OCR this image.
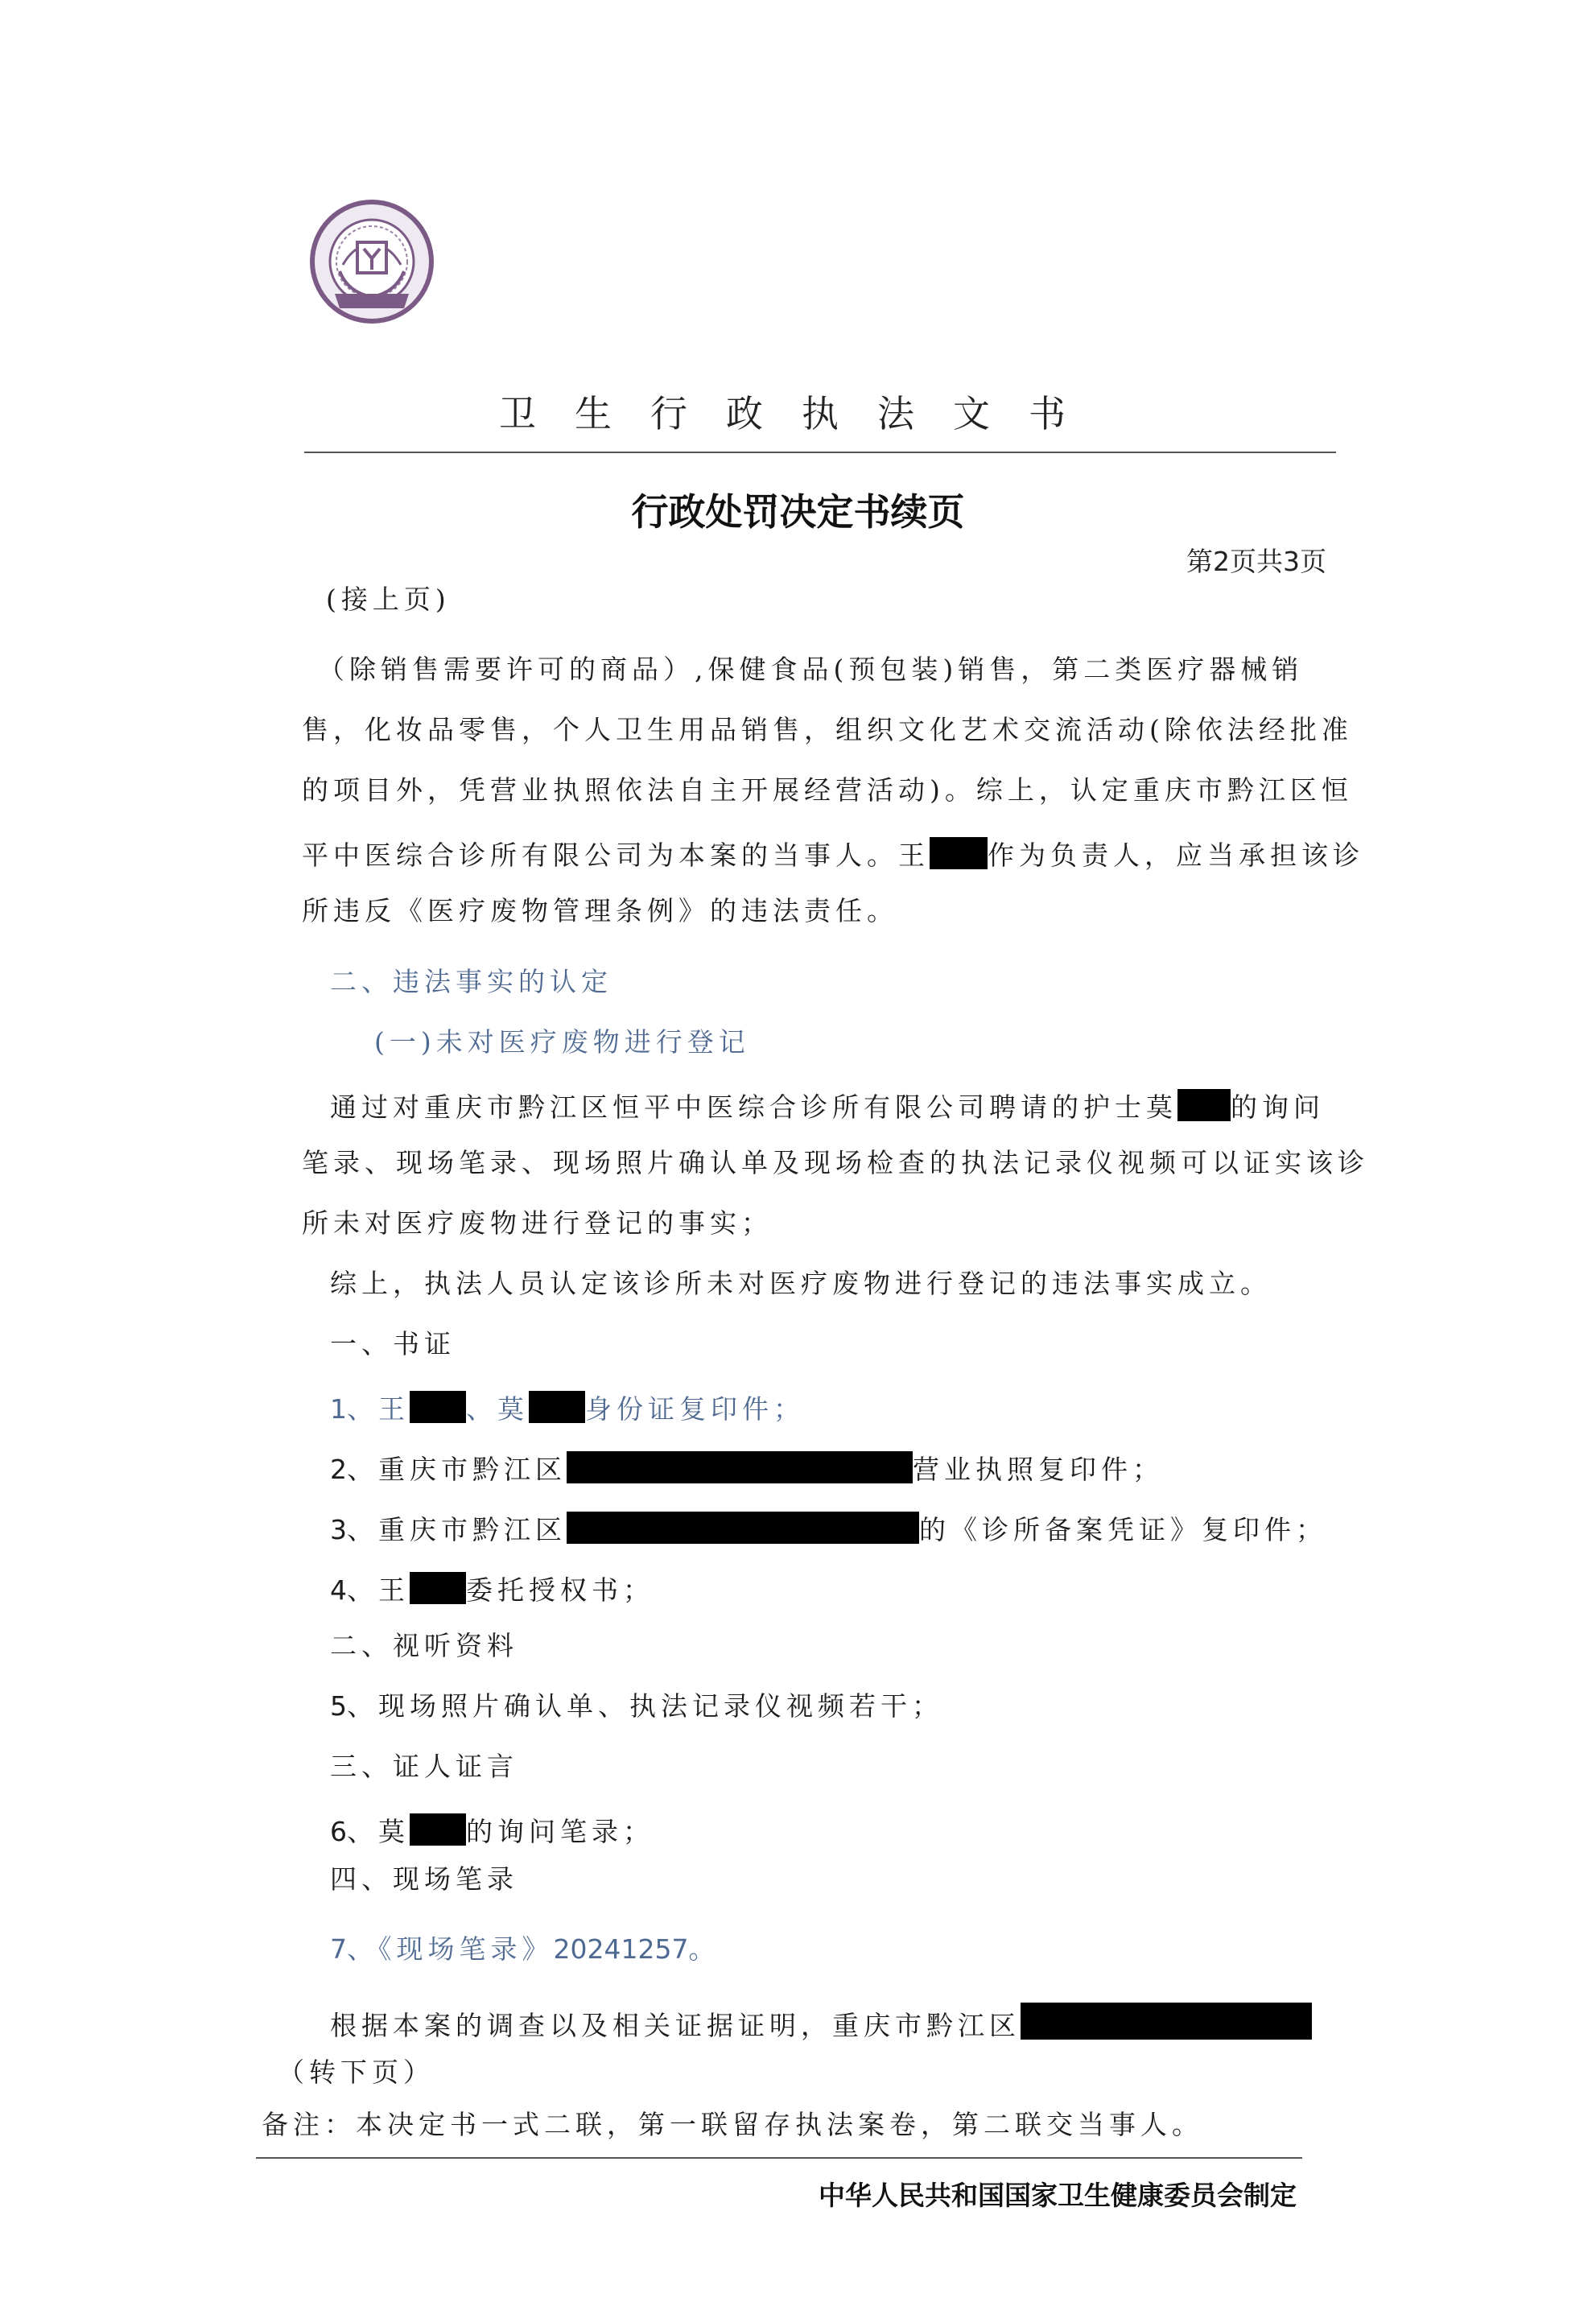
卫生行政执法文书
行政处罚决定书续页
第2页共3页
(接上页)
（除销售需要许可的商品）,保健食品(预包装)销售，第二类医疗器械销
售，化妆品零售，个人卫生用品销售，组织文化艺术交流活动(除依法经批准
的项目外，凭营业执照依法自主开展经营活动)。综上，认定重庆市黔江区恒
平中医综合诊所有限公司为本案的当事人。王 作为负责人，应当承担该诊
所违反《医疗废物管理条例》的违法责任。
二、违法事实的认定
(一)未对医疗废物进行登记
通过对重庆市黔江区恒平中医综合诊所有限公司聘请的护士莫 的询问
笔录、现场笔录、现场照片确认单及现场检查的执法记录仪视频可以证实该诊
所未对医疗废物进行登记的事实；
综上，执法人员认定该诊所未对医疗废物进行登记的违法事实成立。
一、书证
1、王 、莫 身份证复印件；
2、重庆市黔江区	营业执照复印件；
3、重庆市黔江区	的《诊所备案凭证》复印件；
4、王 委托授权书；
二、视听资料
5、现场照片确认单、执法记录仪视频若干；
三、证人证言
6、莫 的询问笔录；
四、现场笔录
7、《现场笔录》20241257。
根据本案的调查以及相关证据证明，重庆市黔江区
（转下页）
备注：本决定书一式二联，第一联留存执法案卷，第二联交当事人。
中华人民共和国国家卫生健康委员会制定
